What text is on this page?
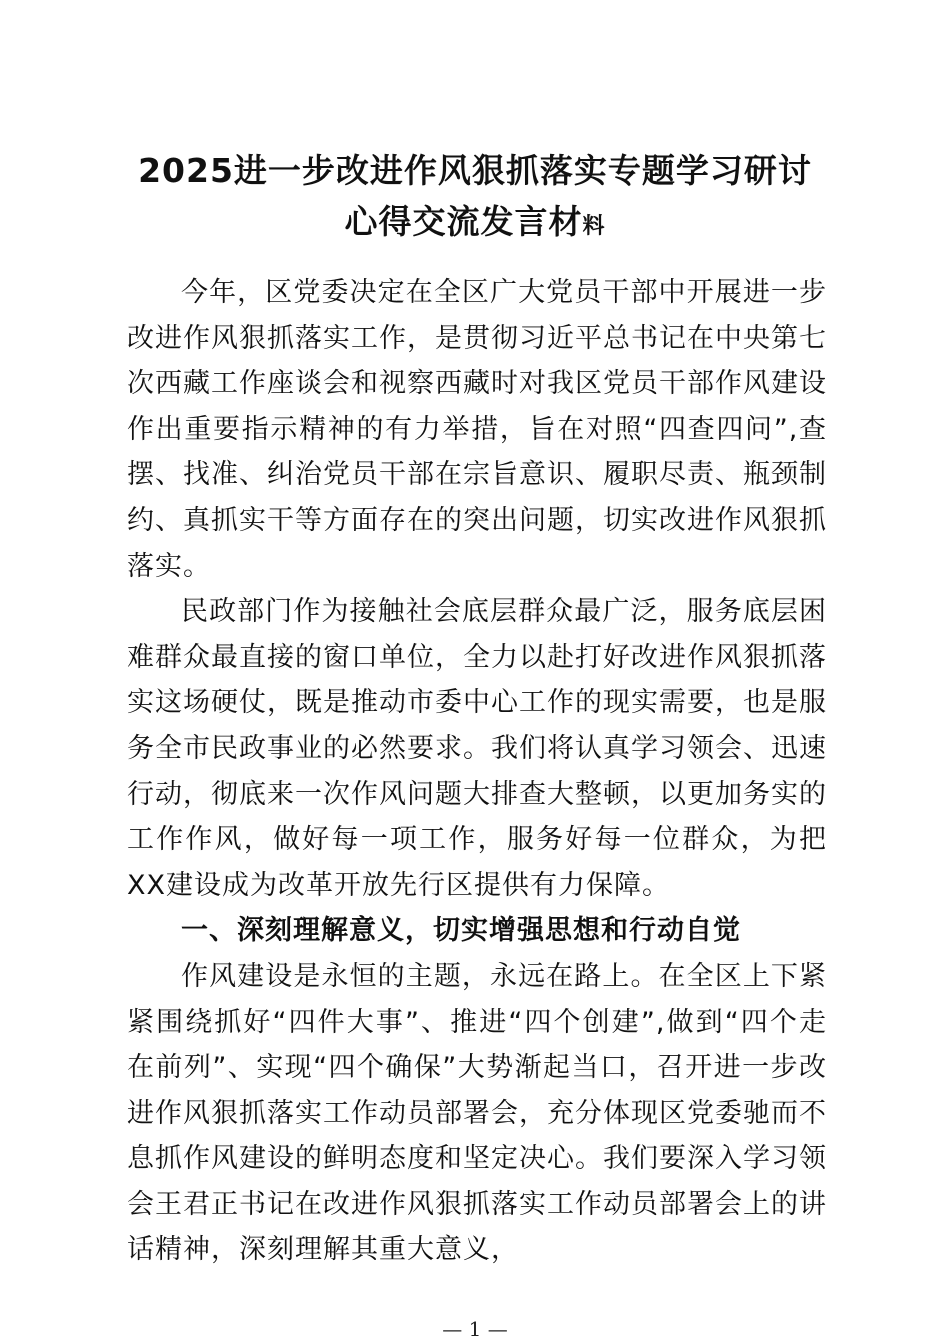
2025进一步改进作风狠抓落实专题学习研讨
心得交流发言材料

今年，区党委决定在全区广大党员干部中开展进一步改进作风狠抓落实工作，是贯彻习近平总书记在中央第七次西藏工作座谈会和视察西藏时对我区党员干部作风建设作出重要指示精神的有力举措，旨在对照“四查四问”,查摆、找准、纠治党员干部在宗旨意识、履职尽责、瓶颈制约、真抓实干等方面存在的突出问题，切实改进作风狠抓落实。

民政部门作为接触社会底层群众最广泛，服务底层困难群众最直接的窗口单位，全力以赴打好改进作风狠抓落实这场硬仗，既是推动市委中心工作的现实需要，也是服务全市民政事业的必然要求。我们将认真学习领会、迅速行动，彻底来一次作风问题大排查大整顿，以更加务实的工作作风，做好每一项工作，服务好每一位群众，为把XX建设成为改革开放先行区提供有力保障。

一、深刻理解意义，切实增强思想和行动自觉

作风建设是永恒的主题，永远在路上。在全区上下紧紧围绕抓好“四件大事”、推进“四个创建”,做到“四个走在前列”、实现“四个确保”大势渐起当口，召开进一步改进作风狠抓落实工作动员部署会，充分体现区党委驰而不息抓作风建设的鲜明态度和坚定决心。我们要深入学习领会王君正书记在改进作风狠抓落实工作动员部署会上的讲话精神，深刻理解其重大意义，

— 1 —
